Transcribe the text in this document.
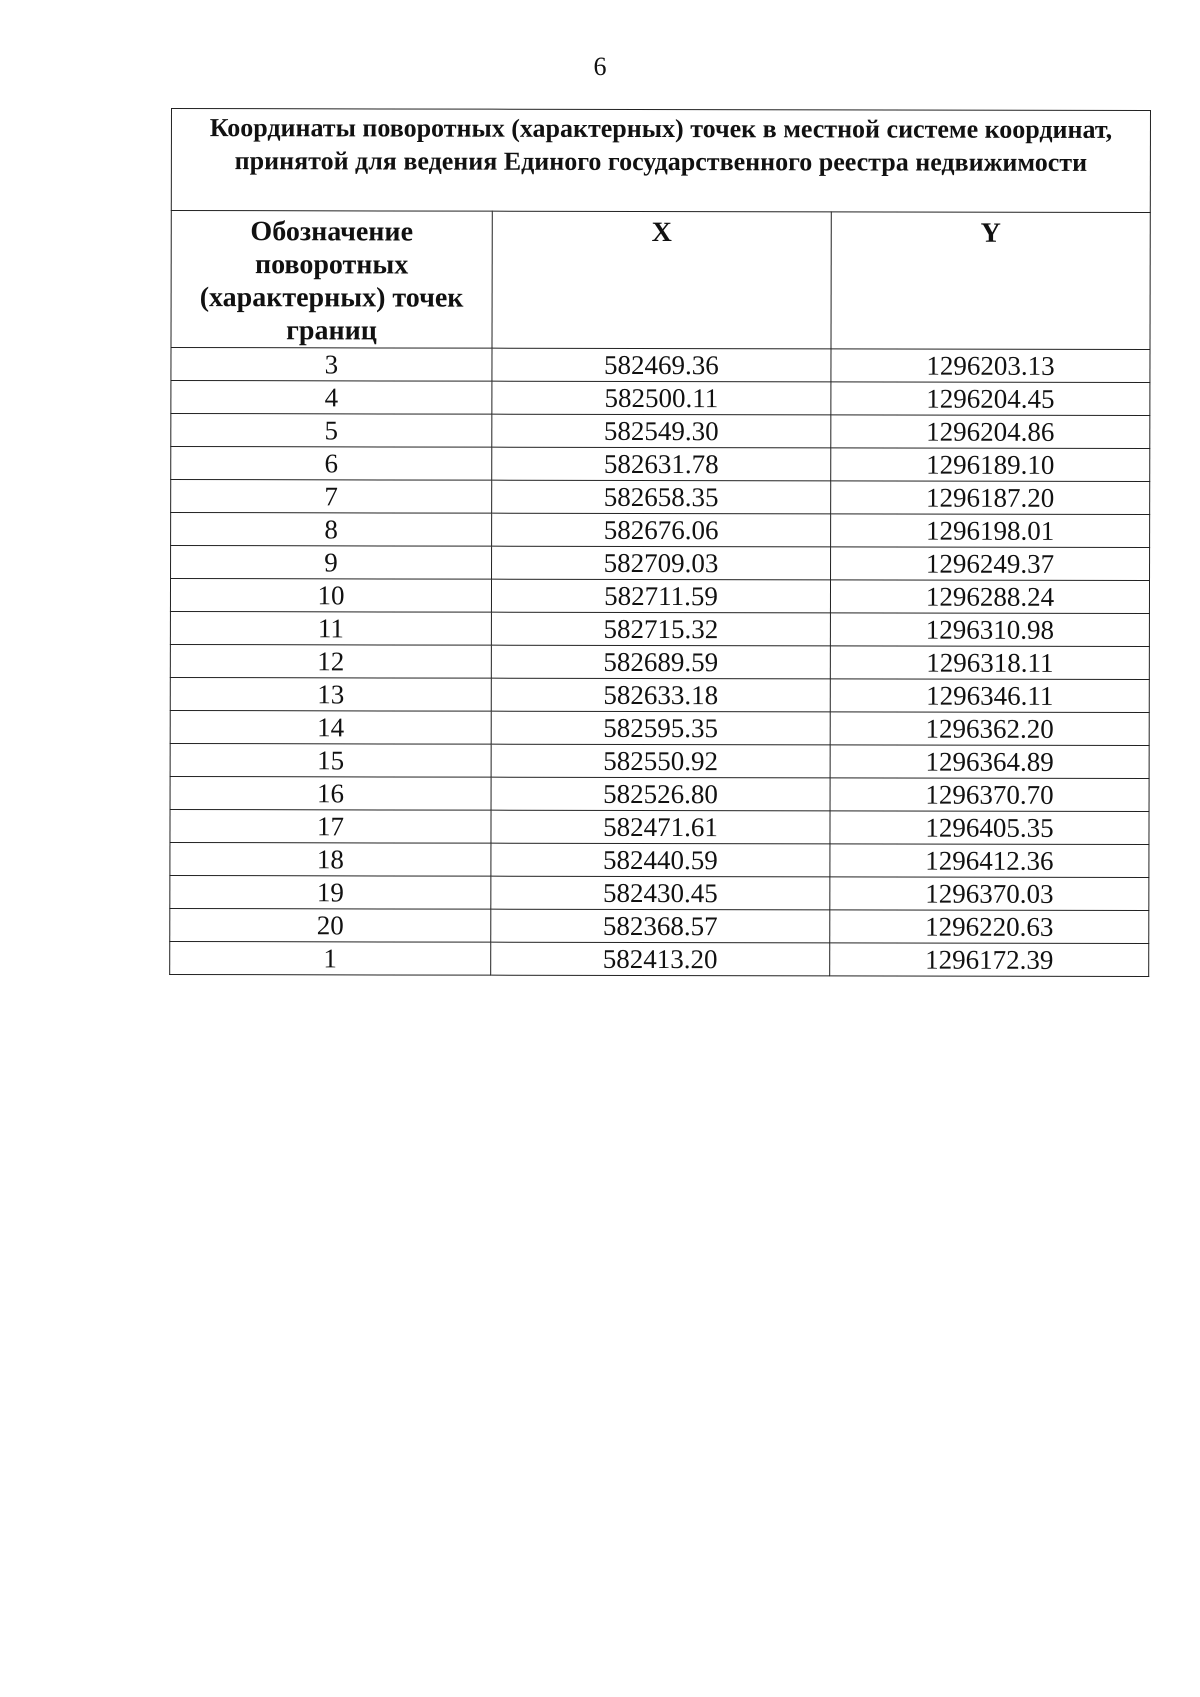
6
Координаты поворотных (характерных) точек в местной системе координат, принятой для ведения Единого государственного реестра недвижимости		
Обозначение поворотных (характерных) точек границ	X	Y
3	582469.36	1296203.13
4	582500.11	1296204.45
5	582549.30	1296204.86
6	582631.78	1296189.10
7	582658.35	1296187.20
8	582676.06	1296198.01
9	582709.03	1296249.37
10	582711.59	1296288.24
11	582715.32	1296310.98
12	582689.59	1296318.11
13	582633.18	1296346.11
14	582595.35	1296362.20
15	582550.92	1296364.89
16	582526.80	1296370.70
17	582471.61	1296405.35
18	582440.59	1296412.36
19	582430.45	1296370.03
20	582368.57	1296220.63
1	582413.20	1296172.39
